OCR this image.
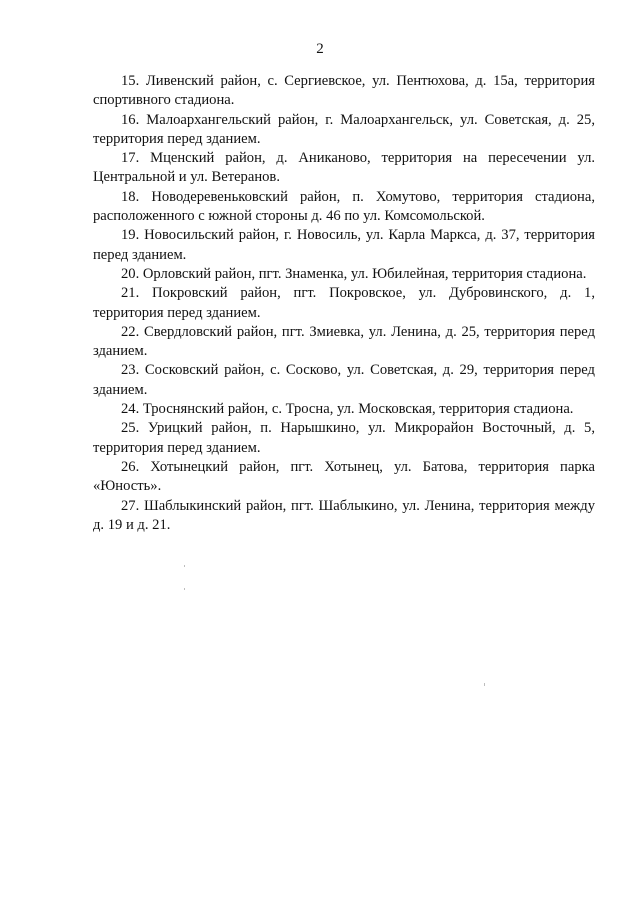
2

15. Ливенский район, с. Сергиевское, ул. Пентюхова, д. 15а, территория спортивного стадиона.

16. Малоархангельский район, г. Малоархангельск, ул. Советская, д. 25, территория перед зданием.

17. Мценский район, д. Аниканово, территория на пересечении ул. Центральной и ул. Ветеранов.

18. Новодеревеньковский район, п. Хомутово, территория стадиона, расположенного с южной стороны д. 46 по ул. Комсомольской.

19. Новосильский район, г. Новосиль, ул. Карла Маркса, д. 37, территория перед зданием.

20. Орловский район, пгт. Знаменка, ул. Юбилейная, территория стадиона.

21. Покровский район, пгт. Покровское, ул. Дубровинского, д. 1, территория перед зданием.

22. Свердловский район, пгт. Змиевка, ул. Ленина, д. 25, территория перед зданием.

23. Сосковский район, с. Сосково, ул. Советская, д. 29, территория перед зданием.

24. Троснянский район, с. Тросна, ул. Московская, территория стадиона.

25. Урицкий район, п. Нарышкино, ул. Микрорайон Восточный, д. 5, территория перед зданием.

26. Хотынецкий район, пгт. Хотынец, ул. Батова, территория парка «Юность».

27. Шаблыкинский район, пгт. Шаблыкино, ул. Ленина, территория между д. 19 и д. 21.
